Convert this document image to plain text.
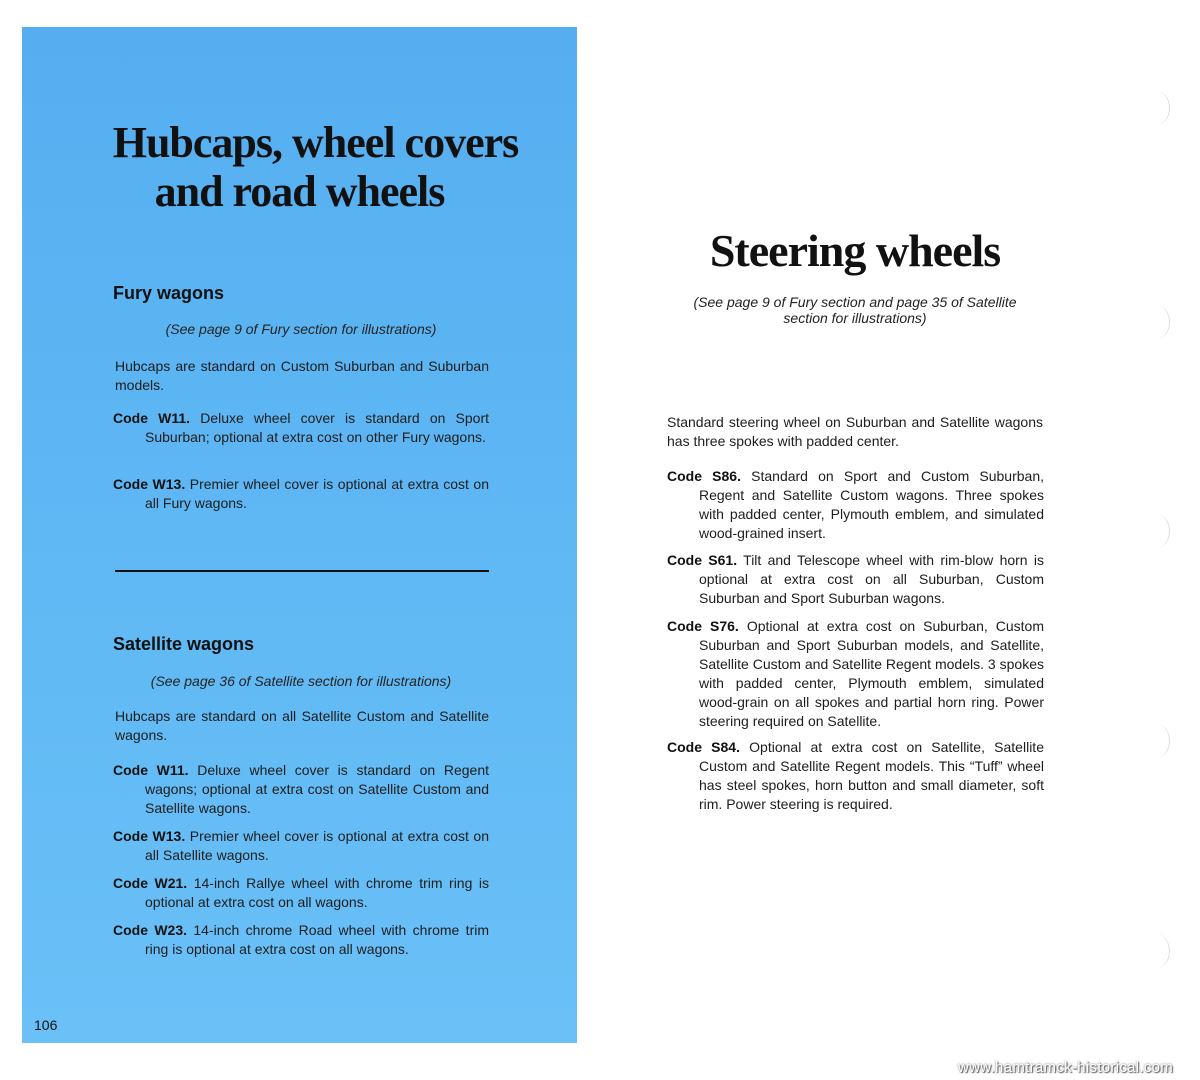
Hubcaps, wheel covers
and road wheels
Fury wagons
(See page 9 of Fury section for illustrations)
Hubcaps are standard on Custom Suburban and Suburban models.
Code W11. Deluxe wheel cover is standard on Sport Suburban; optional at extra cost on other Fury wagons.
Code W13. Premier wheel cover is optional at extra cost on all Fury wagons.
Satellite wagons
(See page 36 of Satellite section for illustrations)
Hubcaps are standard on all Satellite Custom and Satellite wagons.
Code W11. Deluxe wheel cover is standard on Regent wagons; optional at extra cost on Satellite Custom and Satellite wagons.
Code W13. Premier wheel cover is optional at extra cost on all Satellite wagons.
Code W21. 14-inch Rallye wheel with chrome trim ring is optional at extra cost on all wagons.
Code W23. 14-inch chrome Road wheel with chrome trim ring is optional at extra cost on all wagons.
106
Steering wheels
(See page 9 of Fury section and page 35 of Satellite
section for illustrations)
Standard steering wheel on Suburban and Satellite wagons has three spokes with padded center.
Code S86. Standard on Sport and Custom Suburban, Regent and Satellite Custom wagons. Three spokes with padded center, Plymouth emblem, and simulated wood-grained insert.
Code S61. Tilt and Telescope wheel with rim-blow horn is optional at extra cost on all Suburban, Custom Suburban and Sport Suburban wagons.
Code S76. Optional at extra cost on Suburban, Custom Suburban and Sport Suburban models, and Satellite, Satellite Custom and Satellite Regent models. 3 spokes with padded center, Plymouth emblem, simulated wood-grain on all spokes and partial horn ring. Power steering required on Satellite.
Code S84. Optional at extra cost on Satellite, Satellite Custom and Satellite Regent models. This “Tuff” wheel has steel spokes, horn button and small diameter, soft rim. Power steering is required.
www.hamtramck-historical.com
